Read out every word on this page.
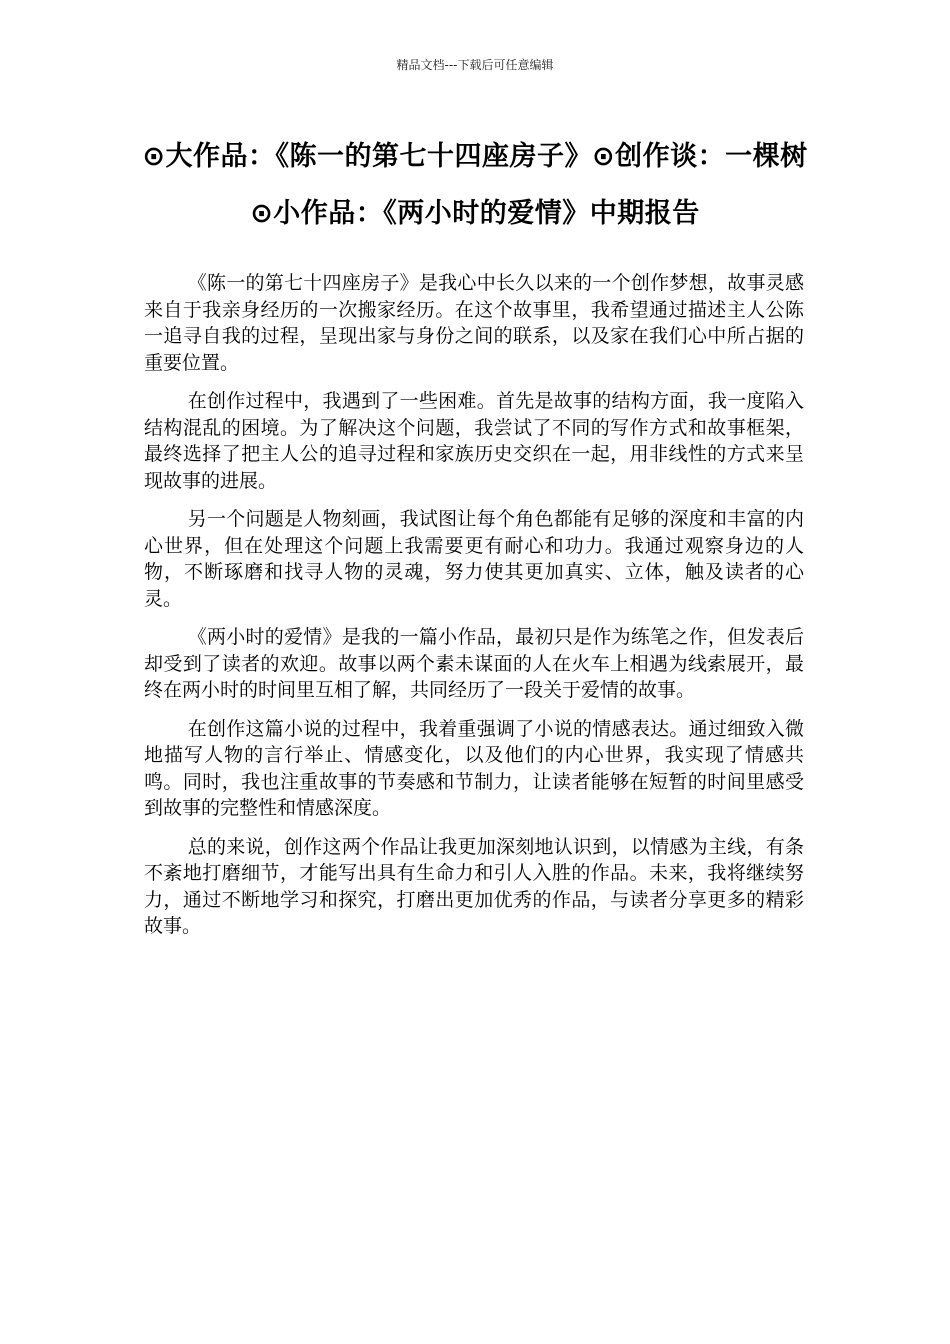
精品文档---下载后可任意编辑
⊙大作品：《陈一的第七十四座房子》⊙创作谈：一棵树⊙小作品：《两小时的爱情》中期报告

《陈一的第七十四座房子》是我心中长久以来的一个创作梦想，故事灵感来自于我亲身经历的一次搬家经历。在这个故事里，我希望通过描述主人公陈一追寻自我的过程，呈现出家与身份之间的联系，以及家在我们心中所占据的重要位置。

在创作过程中，我遇到了一些困难。首先是故事的结构方面，我一度陷入结构混乱的困境。为了解决这个问题，我尝试了不同的写作方式和故事框架，最终选择了把主人公的追寻过程和家族历史交织在一起，用非线性的方式来呈现故事的进展。

另一个问题是人物刻画，我试图让每个角色都能有足够的深度和丰富的内心世界，但在处理这个问题上我需要更有耐心和功力。我通过观察身边的人物，不断琢磨和找寻人物的灵魂，努力使其更加真实、立体，触及读者的心灵。

《两小时的爱情》是我的一篇小作品，最初只是作为练笔之作，但发表后却受到了读者的欢迎。故事以两个素未谋面的人在火车上相遇为线索展开，最终在两小时的时间里互相了解，共同经历了一段关于爱情的故事。

在创作这篇小说的过程中，我着重强调了小说的情感表达。通过细致入微地描写人物的言行举止、情感变化，以及他们的内心世界，我实现了情感共鸣。同时，我也注重故事的节奏感和节制力，让读者能够在短暂的时间里感受到故事的完整性和情感深度。

总的来说，创作这两个作品让我更加深刻地认识到，以情感为主线，有条不紊地打磨细节，才能写出具有生命力和引人入胜的作品。未来，我将继续努力，通过不断地学习和探究，打磨出更加优秀的作品，与读者分享更多的精彩故事。
